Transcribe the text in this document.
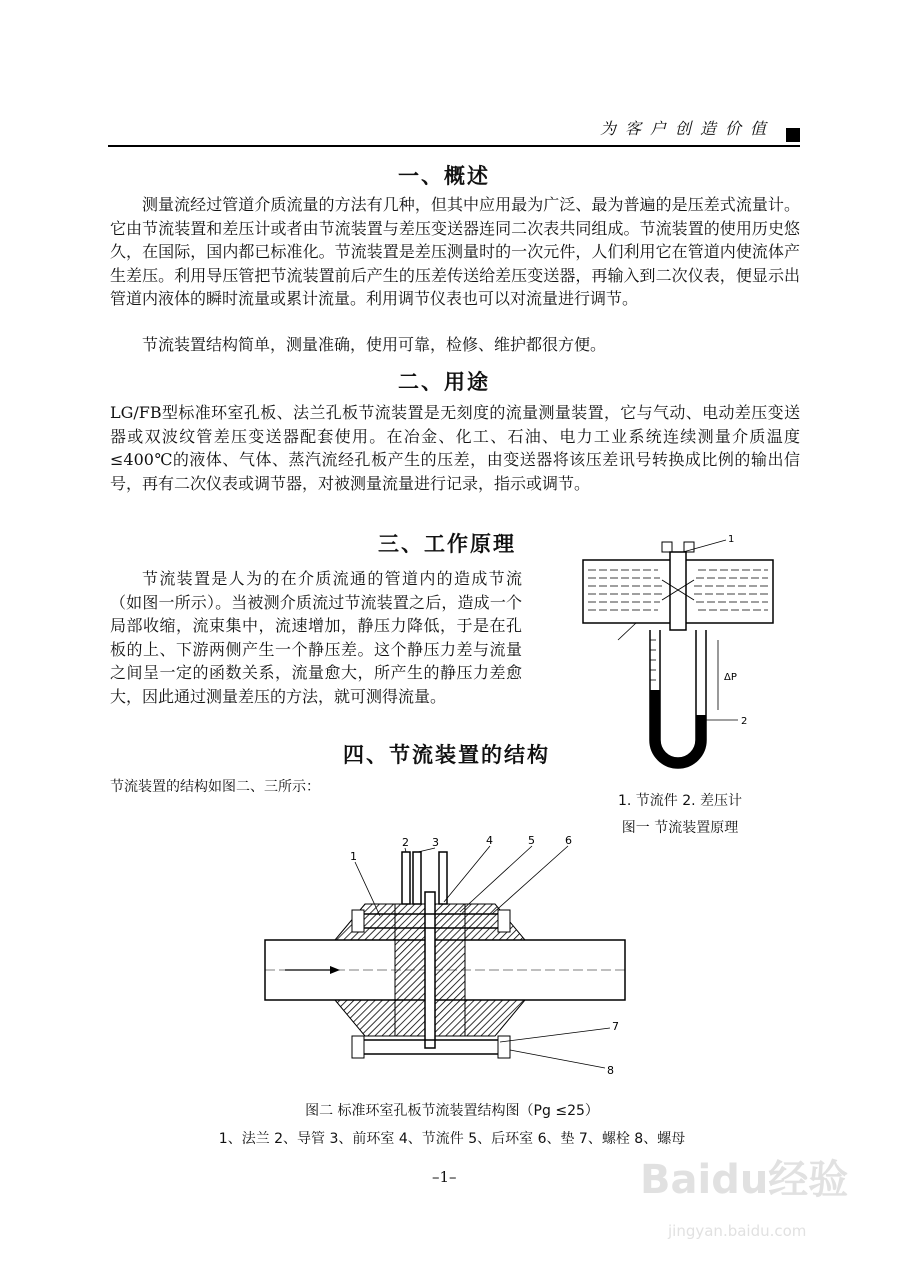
为客户创造价值
一、概述
测量流经过管道介质流量的方法有几种，但其中应用最为广泛、最为普遍的是压差式流量计。它由节流装置和差压计或者由节流装置与差压变送器连同二次表共同组成。节流装置的使用历史悠久，在国际，国内都已标准化。节流装置是差压测量时的一次元件，人们利用它在管道内使流体产生差压。利用导压管把节流装置前后产生的压差传送给差压变送器，再输入到二次仪表，便显示出管道内液体的瞬时流量或累计流量。利用调节仪表也可以对流量进行调节。
节流装置结构简单，测量准确，使用可靠，检修、维护都很方便。
二、用途
LG/FB型标准环室孔板、法兰孔板节流装置是无刻度的流量测量装置，它与气动、电动差压变送器或双波纹管差压变送器配套使用。在冶金、化工、石油、电力工业系统连续测量介质温度≤400℃的液体、气体、蒸汽流经孔板产生的压差，由变送器将该压差讯号转换成比例的输出信号，再有二次仪表或调节器，对被测量流量进行记录，指示或调节。
三、工作原理
节流装置是人为的在介质流通的管道内的造成节流（如图一所示）。当被测介质流过节流装置之后，造成一个局部收缩，流束集中，流速增加，静压力降低，于是在孔板的上、下游两侧产生一个静压差。这个静压力差与流量之间呈一定的函数关系，流量愈大，所产生的静压力差愈大，因此通过测量差压的方法，就可测得流量。
1
ΔP
2
1. 节流件 2. 差压计
图一 节流装置原理
四、节流装置的结构
节流装置的结构如图二、三所示：
1
2 3	4	5	6
7
8
图二 标准环室孔板节流装置结构图（Pg ≤25）
1、法兰 2、导管 3、前环室 4、节流件 5、后环室 6、垫 7、螺栓 8、螺母
–1–	Baidu经验
jingyan.baidu.com
